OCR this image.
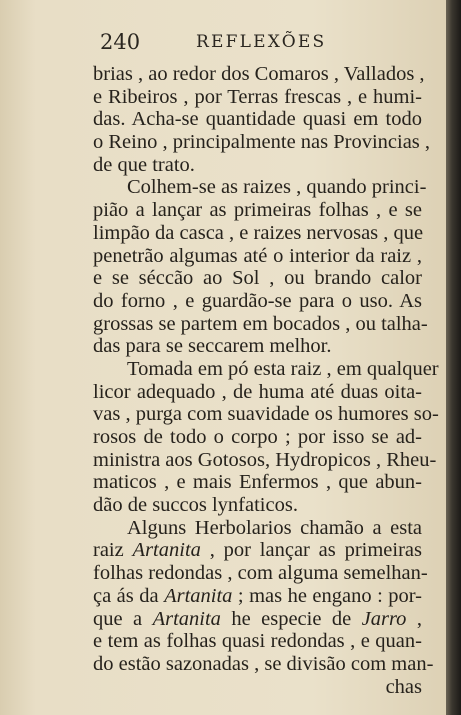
240	REFLEXÕES
brias , ao redor dos Comaros , Vallados ,
e Ribeiros , por Terras frescas , e humi-
das. Acha-se quantidade quasi em todo
o Reino , principalmente nas Provincias ,
de que trato.
Colhem-se as raizes , quando princi-
pião a lançar as primeiras folhas , e se
limpão da casca , e raizes nervosas , que
penetrão algumas até o interior da raiz ,
e se séccão ao Sol , ou brando calor
do forno , e guardão-se para o uso. As
grossas se partem em bocados , ou talha-
das para se seccarem melhor.
Tomada em pó esta raiz , em qualquer
licor adequado , de huma até duas oita-
vas , purga com suavidade os humores so-
rosos de todo o corpo ; por isso se ad-
ministra aos Gotosos, Hydropicos , Rheu-
maticos , e mais Enfermos , que abun-
dão de succos lynfaticos.
Alguns Herbolarios chamão a esta
raiz Artanita , por lançar as primeiras
folhas redondas , com alguma semelhan-
ça ás da Artanita ; mas he engano : por-
que a Artanita he especie de Jarro ,
e tem as folhas quasi redondas , e quan-
do estão sazonadas , se divisão com man-
chas
